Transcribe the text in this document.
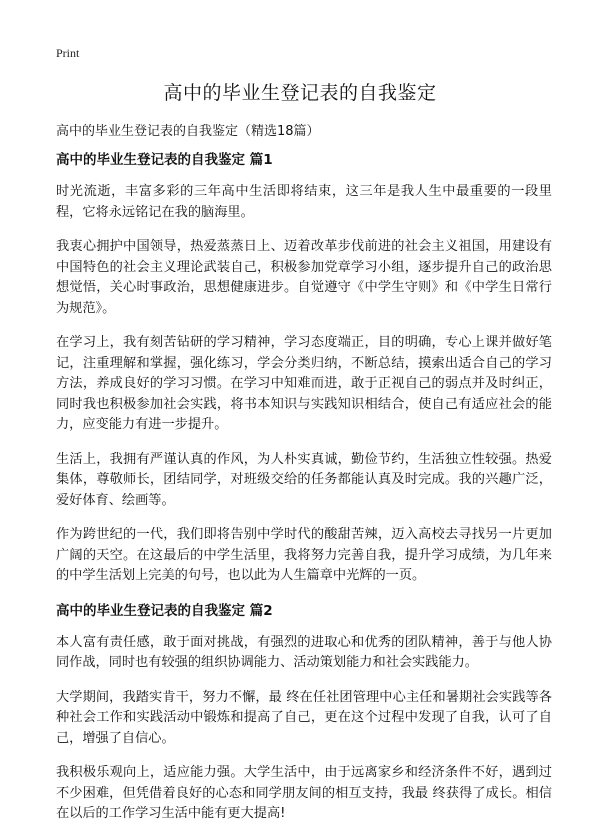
Print
高中的毕业生登记表的自我鉴定
高中的毕业生登记表的自我鉴定（精选18篇）
高中的毕业生登记表的自我鉴定 篇1

时光流逝，丰富多彩的三年高中生活即将结束，这三年是我人生中最重要的一段里程，它将永远铭记在我的脑海里。

我衷心拥护中国领导，热爱蒸蒸日上、迈着改革步伐前进的社会主义祖国，用建设有中国特色的社会主义理论武装自己，积极参加党章学习小组，逐步提升自己的政治思想觉悟，关心时事政治，思想健康进步。自觉遵守《中学生守则》和《中学生日常行为规范》。

在学习上，我有刻苦钻研的学习精神，学习态度端正，目的明确，专心上课并做好笔记，注重理解和掌握，强化练习，学会分类归纳，不断总结，摸索出适合自己的学习方法，养成良好的学习习惯。在学习中知难而进，敢于正视自己的弱点并及时纠正，同时我也积极参加社会实践，将书本知识与实践知识相结合，使自己有适应社会的能力，应变能力有进一步提升。

生活上，我拥有严谨认真的作风，为人朴实真诚，勤俭节约，生活独立性较强。热爱集体，尊敬师长，团结同学，对班级交给的任务都能认真及时完成。我的兴趣广泛，爱好体育、绘画等。

作为跨世纪的一代，我们即将告别中学时代的酸甜苦辣，迈入高校去寻找另一片更加广阔的天空。在这最后的中学生活里，我将努力完善自我，提升学习成绩，为几年来的中学生活划上完美的句号，也以此为人生篇章中光辉的一页。

高中的毕业生登记表的自我鉴定 篇2

本人富有责任感，敢于面对挑战，有强烈的进取心和优秀的团队精神，善于与他人协同作战，同时也有较强的组织协调能力、活动策划能力和社会实践能力。

大学期间，我踏实肯干，努力不懈，最 终在任社团管理中心主任和暑期社会实践等各种社会工作和实践活动中锻炼和提高了自己，更在这个过程中发现了自我，认可了自己，增强了自信心。

我积极乐观向上，适应能力强。大学生活中，由于远离家乡和经济条件不好，遇到过不少困难，但凭借着良好的心态和同学朋友间的相互支持，我最 终获得了成长。相信在以后的工作学习生活中能有更大提高!
